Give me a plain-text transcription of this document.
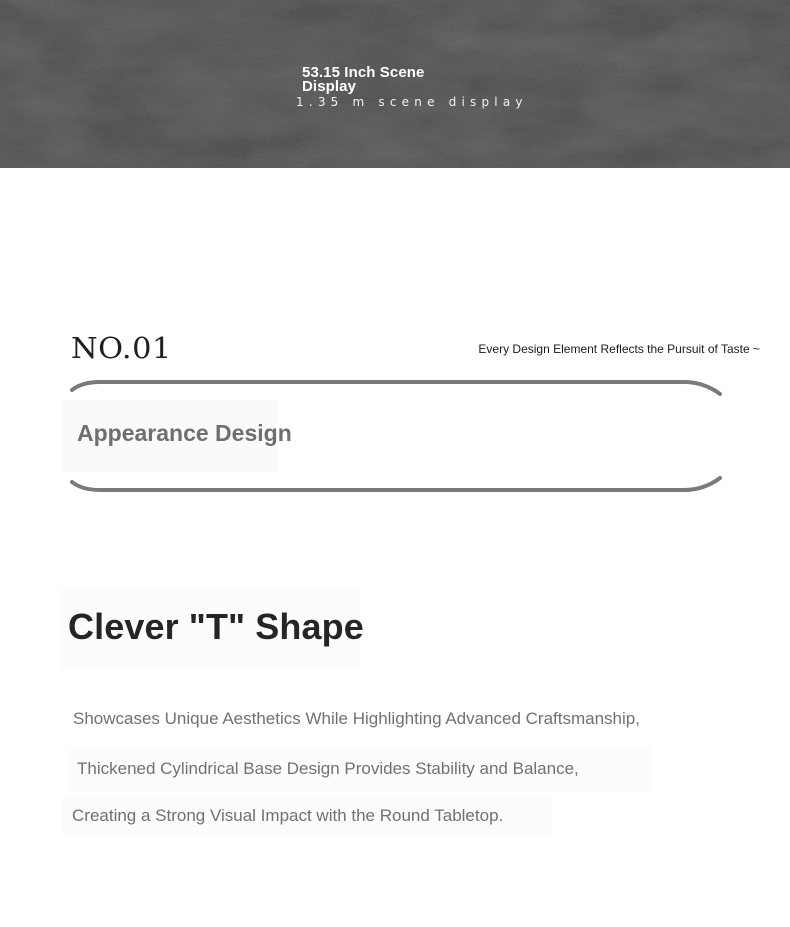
53.15 Inch Scene Display
1.35 m scene display
NO.01	Every Design Element Reflects the Pursuit of Taste ~
Appearance Design
Clever "T" Shape
Showcases Unique Aesthetics While Highlighting Advanced Craftsmanship,
Thickened Cylindrical Base Design Provides Stability and Balance,
Creating a Strong Visual Impact with the Round Tabletop.
